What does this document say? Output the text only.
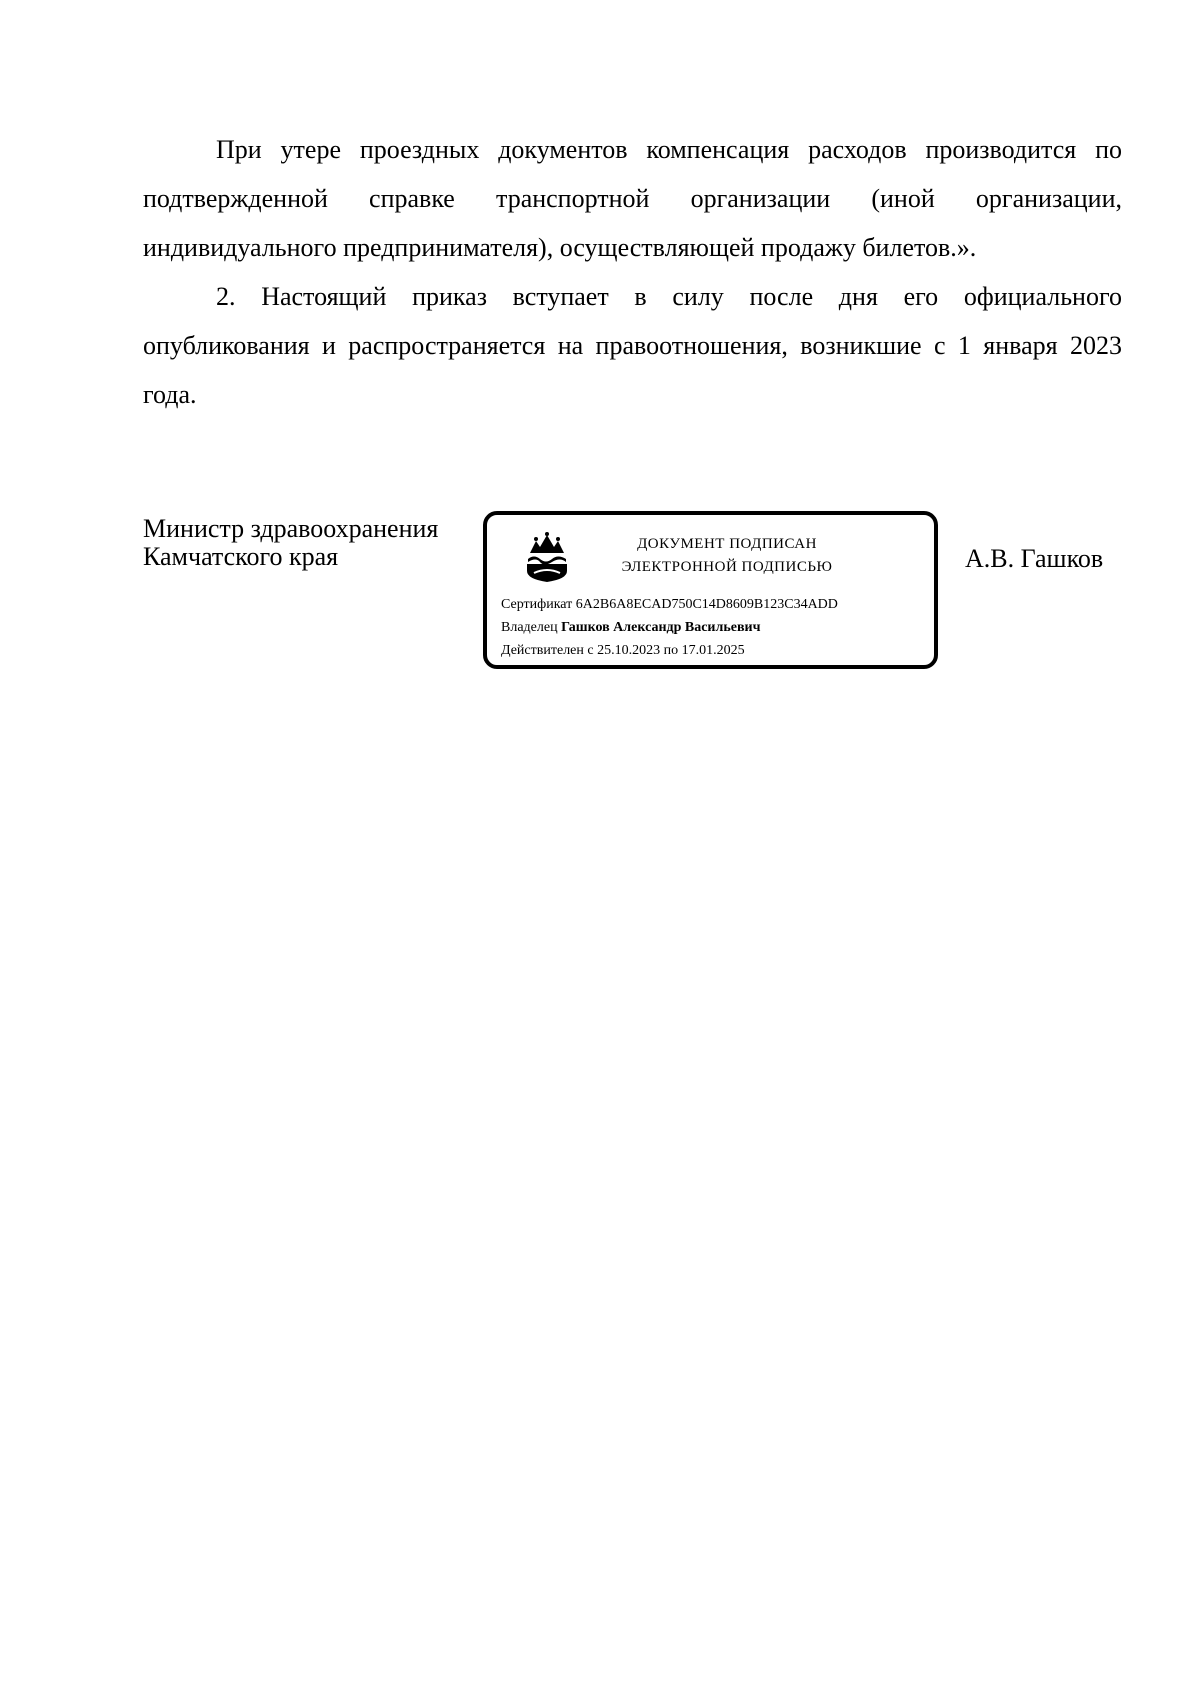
При утере проездных документов компенсация расходов производится по подтвержденной справке транспортной организации (иной организации, индивидуального предпринимателя), осуществляющей продажу билетов.».

2. Настоящий приказ вступает в силу после дня его официального опубликования и распространяется на правоотношения, возникшие с 1 января 2023 года.

Министр здравоохранения
Камчатского края	ДОКУМЕНТ ПОДПИСАН
ЭЛЕКТРОННОЙ ПОДПИСЬЮ
Сертификат 6A2B6A8ECAD750C14D8609B123C34ADD
Владелец Гашков Александр Васильевич
Действителен с 25.10.2023 по 17.01.2025
А.В. Гашков
